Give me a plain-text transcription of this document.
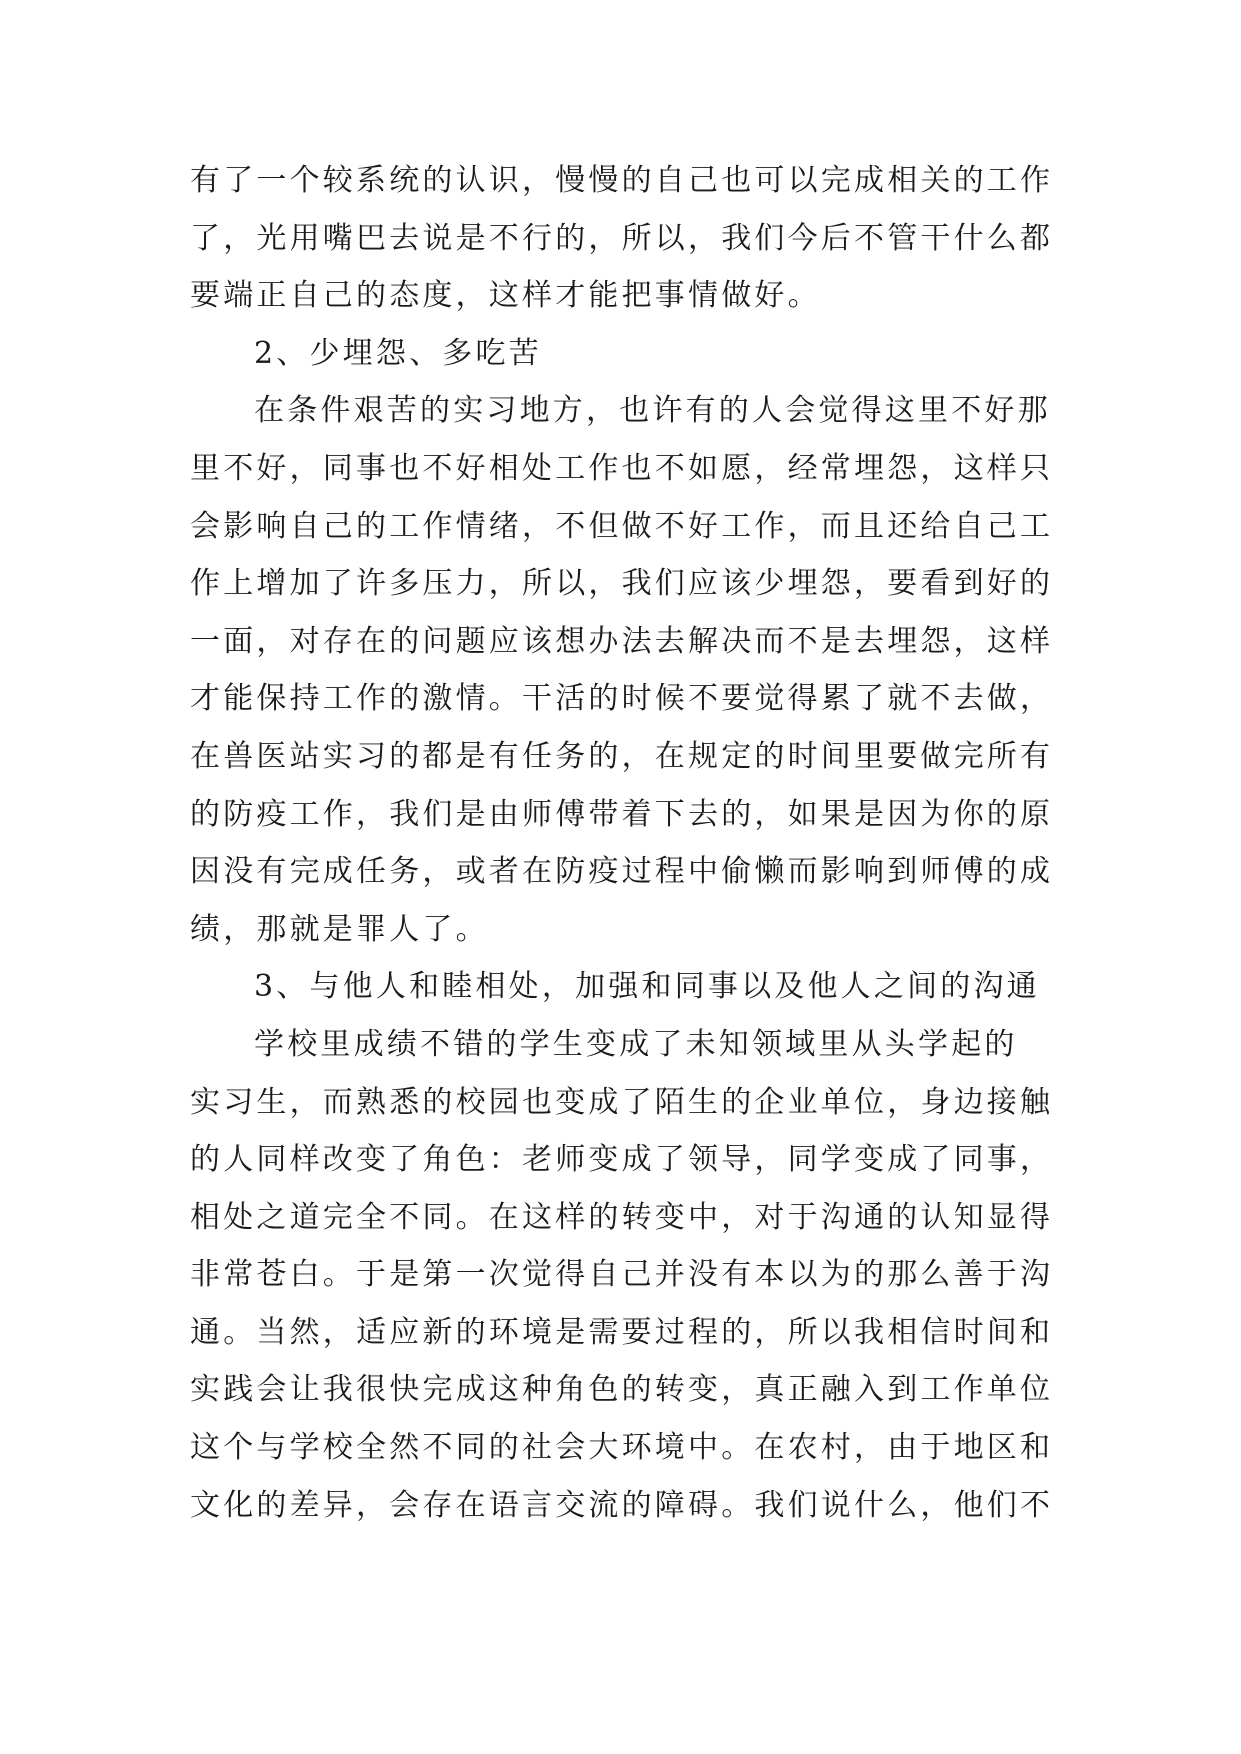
有了一个较系统的认识，慢慢的自己也可以完成相关的工作
了，光用嘴巴去说是不行的，所以，我们今后不管干什么都
要端正自己的态度，这样才能把事情做好。
2、少埋怨、多吃苦
在条件艰苦的实习地方，也许有的人会觉得这里不好那
里不好，同事也不好相处工作也不如愿，经常埋怨，这样只
会影响自己的工作情绪，不但做不好工作，而且还给自己工
作上增加了许多压力，所以，我们应该少埋怨，要看到好的
一面，对存在的问题应该想办法去解决而不是去埋怨，这样
才能保持工作的激情。干活的时候不要觉得累了就不去做，
在兽医站实习的都是有任务的，在规定的时间里要做完所有
的防疫工作，我们是由师傅带着下去的，如果是因为你的原
因没有完成任务，或者在防疫过程中偷懒而影响到师傅的成
绩，那就是罪人了。
3、与他人和睦相处，加强和同事以及他人之间的沟通
学校里成绩不错的学生变成了未知领域里从头学起的
实习生，而熟悉的校园也变成了陌生的企业单位，身边接触
的人同样改变了角色：老师变成了领导，同学变成了同事，
相处之道完全不同。在这样的转变中，对于沟通的认知显得
非常苍白。于是第一次觉得自己并没有本以为的那么善于沟
通。当然，适应新的环境是需要过程的，所以我相信时间和
实践会让我很快完成这种角色的转变，真正融入到工作单位
这个与学校全然不同的社会大环境中。在农村，由于地区和
文化的差异，会存在语言交流的障碍。我们说什么，他们不
